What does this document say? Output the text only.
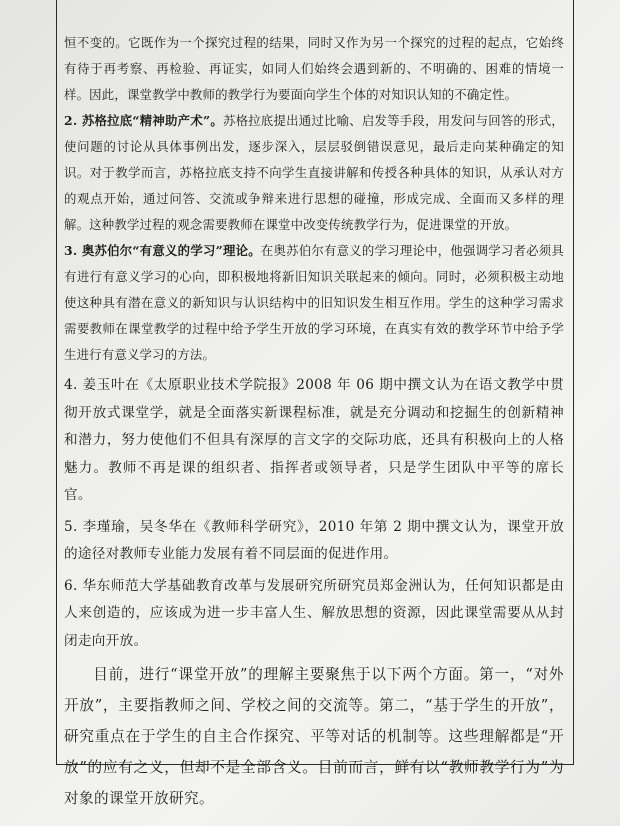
恒不变的。它既作为一个探究过程的结果，同时又作为另一个探究的过程的起点，它始终有待于再考察、再检验、再证实，如同人们始终会遇到新的、不明确的、困难的情境一样。因此，课堂教学中教师的教学行为要面向学生个体的对知识认知的不确定性。

2. 苏格拉底“精神助产术”。苏格拉底提出通过比喻、启发等手段，用发问与回答的形式，使问题的讨论从具体事例出发，逐步深入，层层驳倒错误意见，最后走向某种确定的知识。对于教学而言，苏格拉底支持不向学生直接讲解和传授各种具体的知识，从承认对方的观点开始，通过问答、交流或争辩来进行思想的碰撞，形成完成、全面而又多样的理解。这种教学过程的观念需要教师在课堂中改变传统教学行为，促进课堂的开放。

3. 奥苏伯尔“有意义的学习”理论。在奥苏伯尔有意义的学习理论中，他强调学习者必须具有进行有意义学习的心向，即积极地将新旧知识关联起来的倾向。同时，必须积极主动地使这种具有潜在意义的新知识与认识结构中的旧知识发生相互作用。学生的这种学习需求需要教师在课堂教学的过程中给予学生开放的学习环境，在真实有效的教学环节中给予学生进行有意义学习的方法。

4. 姜玉叶在《太原职业技术学院报》2008 年 06 期中撰文认为在语文教学中贯彻开放式课堂学，就是全面落实新课程标准，就是充分调动和挖掘生的创新精神和潜力，努力使他们不但具有深厚的言文字的交际功底，还具有积极向上的人格魅力。教师不再是课的组织者、指挥者或领导者，只是学生团队中平等的席长官。

5. 李瑾瑜，吴冬华在《教师科学研究》，2010 年第 2 期中撰文认为，课堂开放的途径对教师专业能力发展有着不同层面的促进作用。

6. 华东师范大学基础教育改革与发展研究所研究员郑金洲认为，任何知识都是由人来创造的，应该成为进一步丰富人生、解放思想的资源，因此课堂需要从从封闭走向开放。

目前，进行“课堂开放”的理解主要聚焦于以下两个方面。第一，“对外开放”，主要指教师之间、学校之间的交流等。第二，“基于学生的开放”，研究重点在于学生的自主合作探究、平等对话的机制等。这些理解都是“开放”的应有之义，但却不是全部含义。目前而言，鲜有以“教师教学行为”为对象的课堂开放研究。
